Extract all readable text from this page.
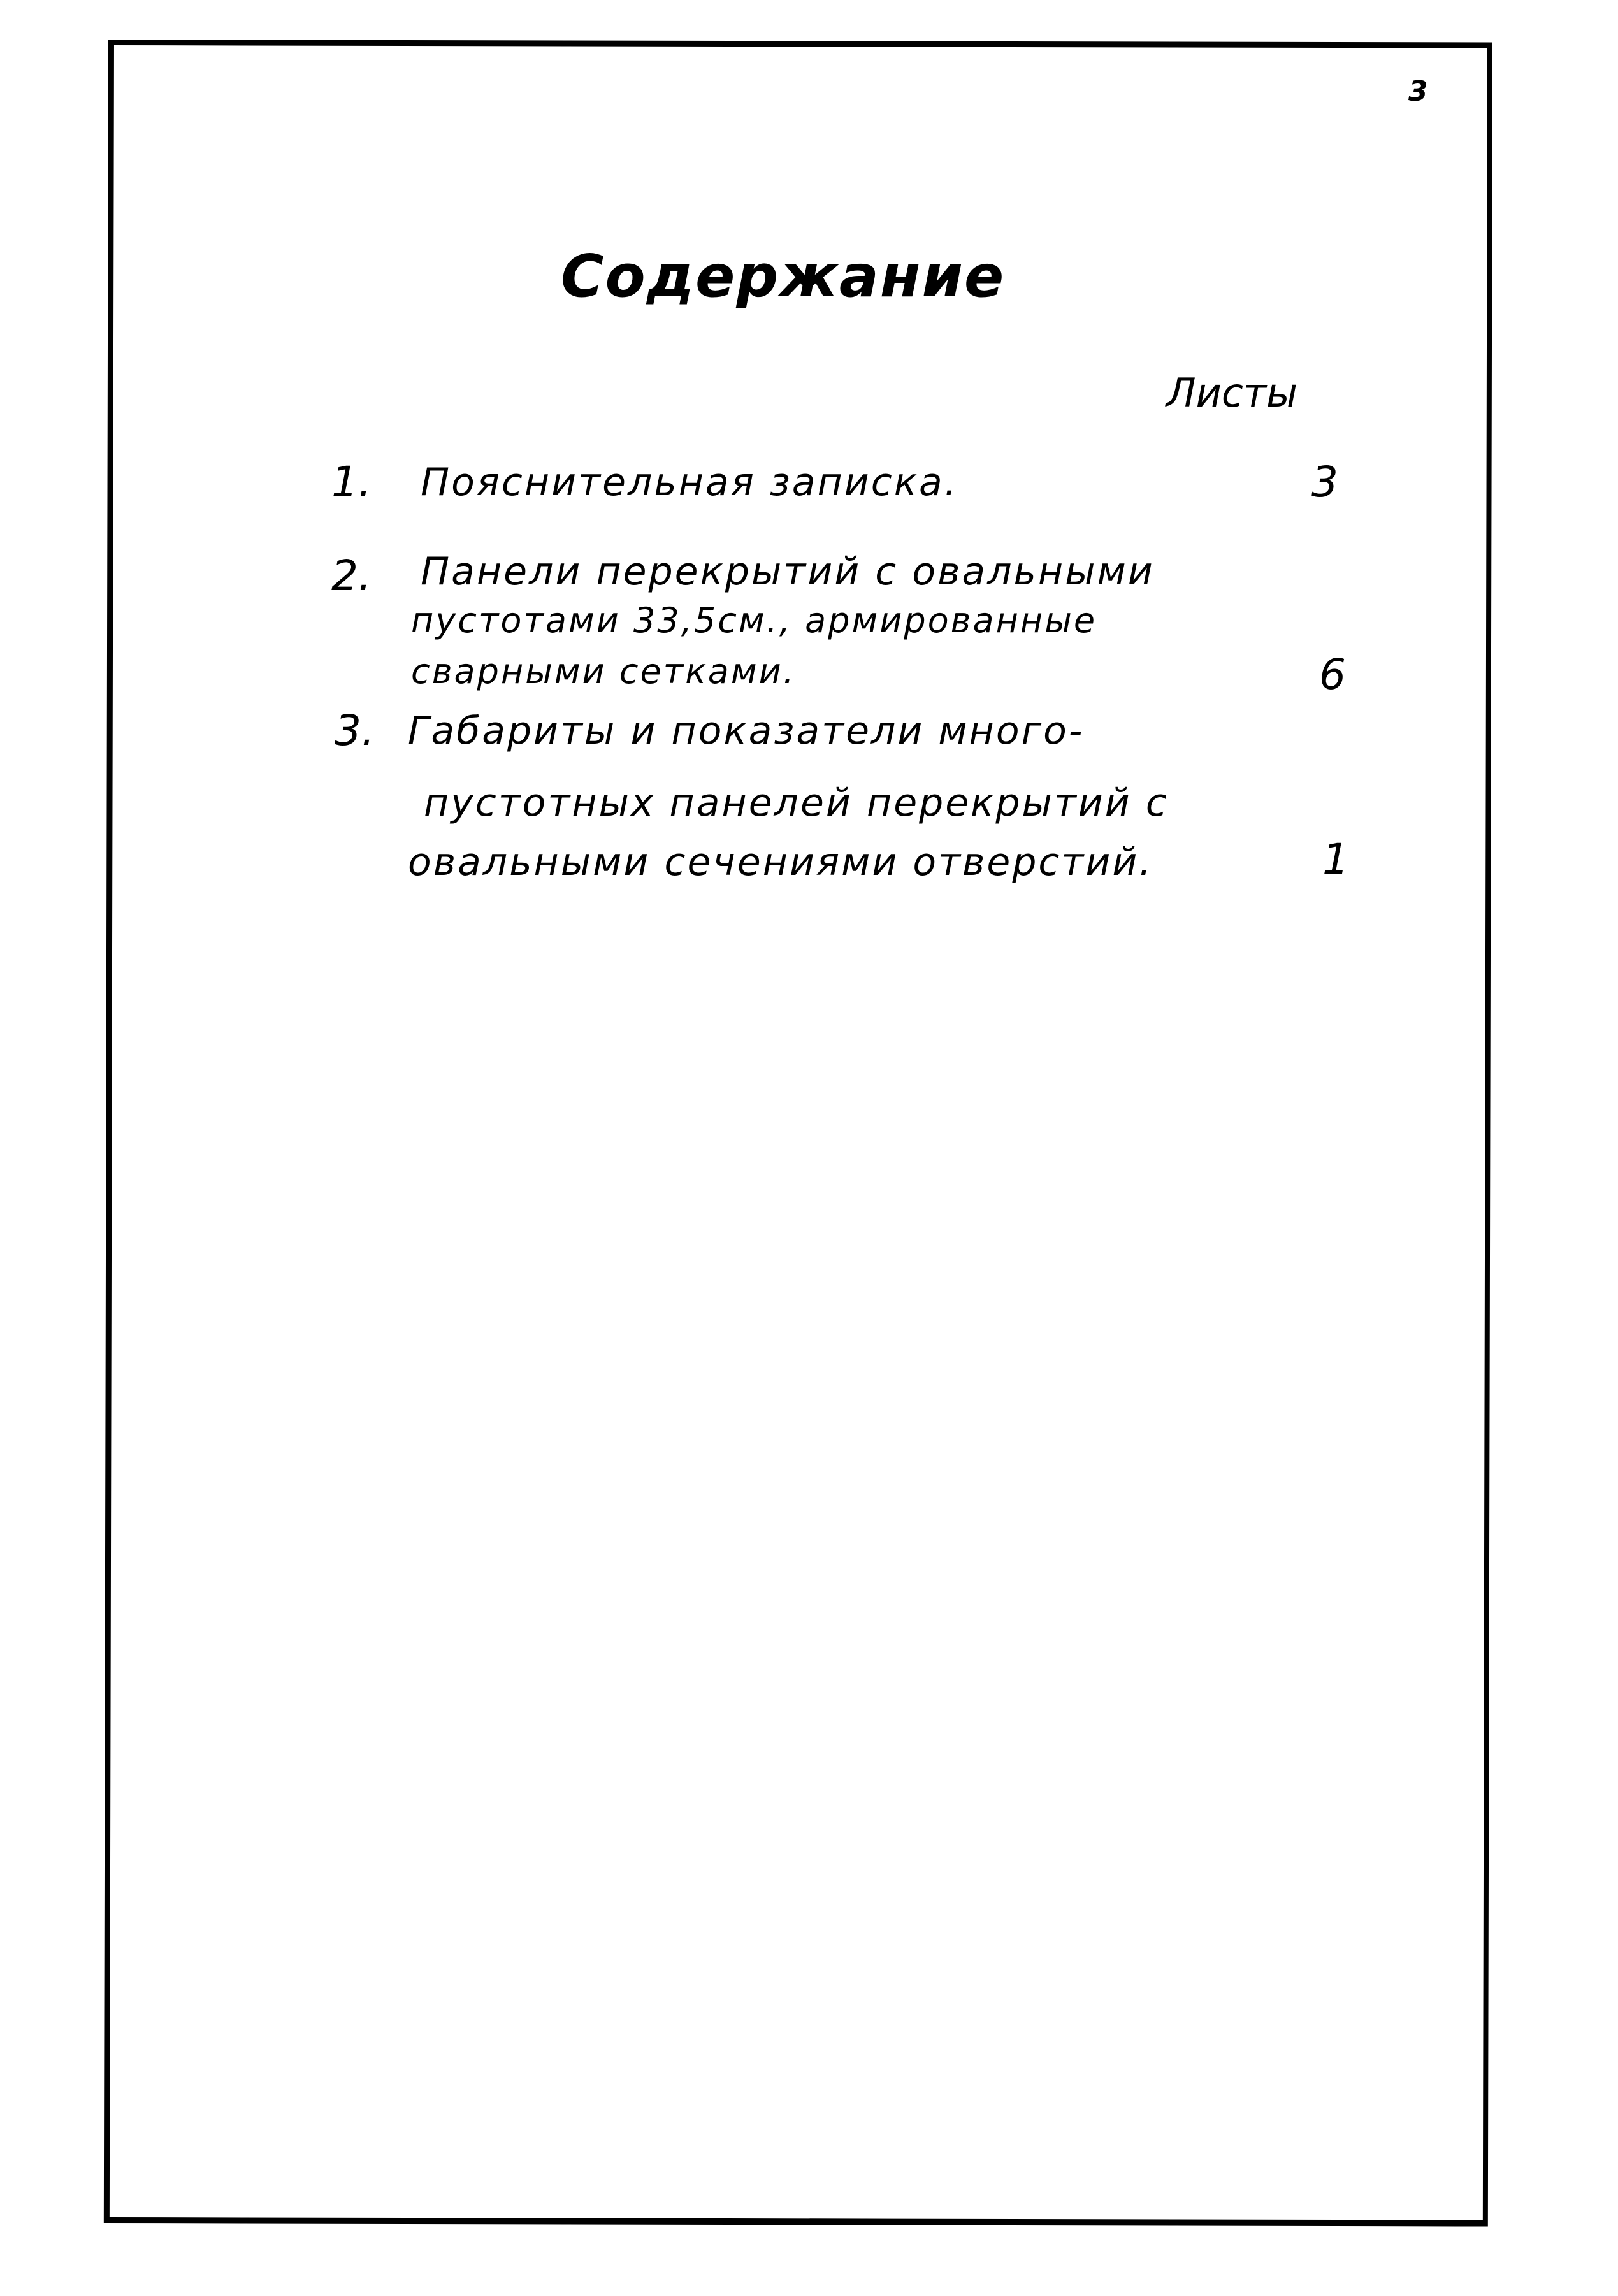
3
Содержание
Листы
1. Пояснительная записка.	3
2. Панели перекрытий с овальными
пустотами 33,5см., армированные
сварными сетками.	6
3. Габариты и показатели много-
пустотных панелей перекрытий с
овальными сечениями отверстий.	1
